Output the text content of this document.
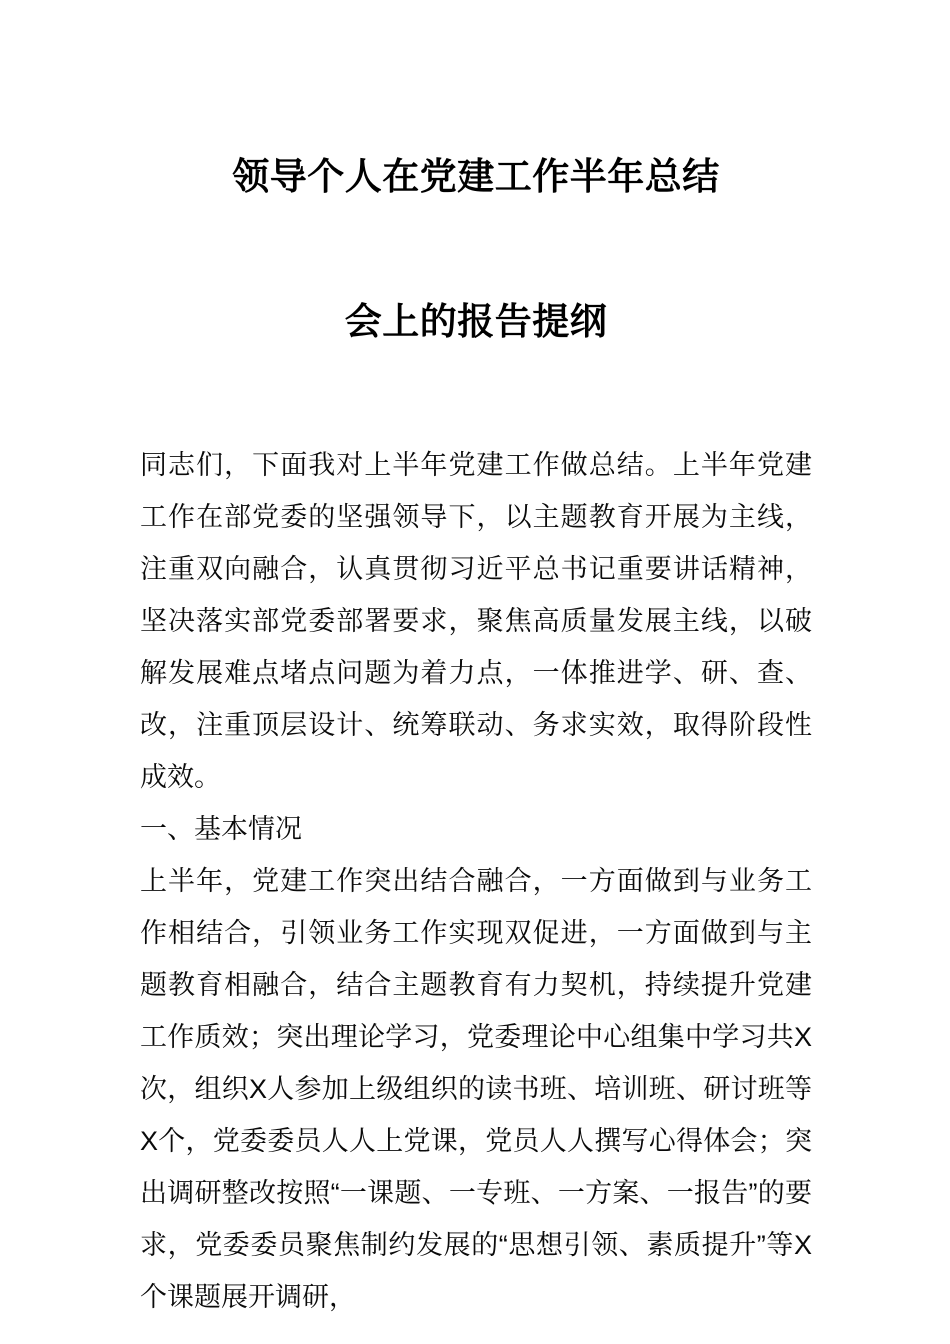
领导个人在党建工作半年总结
会上的报告提纲

同志们，下面我对上半年党建工作做总结。上半年党建工作在部党委的坚强领导下，以主题教育开展为主线，注重双向融合，认真贯彻习近平总书记重要讲话精神，坚决落实部党委部署要求，聚焦高质量发展主线，以破解发展难点堵点问题为着力点，一体推进学、研、查、改，注重顶层设计、统筹联动、务求实效，取得阶段性成效。

一、基本情况

上半年，党建工作突出结合融合，一方面做到与业务工作相结合，引领业务工作实现双促进，一方面做到与主题教育相融合，结合主题教育有力契机，持续提升党建工作质效；突出理论学习，党委理论中心组集中学习共X次，组织X人参加上级组织的读书班、培训班、研讨班等X个，党委委员人人上党课，党员人人撰写心得体会；突出调研整改按照“一课题、一专班、一方案、一报告”的要求，党委委员聚焦制约发展的“思想引领、素质提升”等X个课题展开调研，
